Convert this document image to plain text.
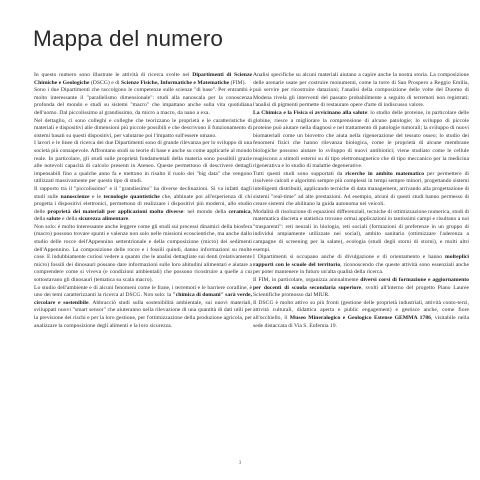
Mappa del numero

In questo numero sono illustrate le attività di ricerca svolte nei Dipartimenti di Scienze Chimiche e Geologiche (DSCG) e di Scienze Fisiche, Informatiche e Matematiche (FIM).

Sono i due Dipartimenti che raccolgono le competenze sulle scienze "di base". Per entrambi è molto interessante il "parallelismo dimensionale": studi alla nanoscala per la conoscenza profonda del mondo e studi su sistemi "macro" che impattano anche sulla vita quotidiana dell'uomo. Dal piccolissimo al grandissimo, da micro a macro, da nano a exa.

Nel dettaglio, ci sono colleghi e colleghe che teorizzano le proprietà e le caratteristiche di materiali e dispositivi alle dimensioni più piccole possibili e che descrivono il funzionamento di sistemi basati su questi dispositivi, per valutarne poi l'impatto sull'essere umano.

I lavori e le linee di ricerca dei due Dipartimenti sono di grande rilevanza per lo sviluppo di una società più consapevole. Affrontano studi su teorie di base e anche su come applicarle al mondo reale. In particolare, gli studi sulle proprietà fondamentali della materia sono possibili grazie alle notevoli capacità di calcolo presenti in Ateneo. Queste permettono di descrivere dettagli impensabili fino a qualche anno fa e mettono in risalto il ruolo dei "big data" che vengono utilizzati massivamente per questo tipo di studi.

Il rapporto tra il "piccolissimo" e il "grandissimo" ha diverse declinazioni. Si va infatti dagli studi sulle nanoscienze e le tecnologie quantistiche che, abbinate poi all'esperienza di chi progetta i dispositivi elettronici, permettono di realizzare i dispositivi più moderni, allo studio delle proprietà dei materiali per applicazioni molto diverse: nel mondo della ceramica, della salute e della sicurezza alimentare.

Non solo: è molto interessante anche leggere come gli studi sui processi dinamici della biosfera (macro) possono trovare spunti e valenze non solo nelle missioni ecoscientiche, ma anche dallo studio delle rocce dell'Appennino settentrionale e della composizione (micro) dei sedimenti dell'Appennino. La composizione delle rocce e i fossili quindi, danno informazioni su molte cose. E indubbiamente curiosi vedere a quanto che le analisi dettagliate sui denti (relativamente micro) fossili dei dinosauri possano dare informazioni sulle loro abitudini alimentari e aiutare a comprendere come si viveva (e condizioni ambientali) che possono ricostruire a quelle a cui sottostavano gli dinosauri (tematica su scala macro).

Lo studio dell'ambiente e di alcuni fenomeni come le frane, i terremoti e le barriere coralline, è uno dei temi caratterizzanti la ricerca al DSCG. Non solo: la "chimica di domani" sarà verde, circolare e sostenibile. Abbracciò studi sulla sostenibilità ambientale, sui nuovi materiali, sviluppati nuovi "smart sensor" che aiuteranno nella rilevazione di una quantità di dati utili per la previsione dei rischi e per la loro gestione, per l'ottimizzazione della produzione agricola, per analizzare la composizione degli alimenti e la loro sicurezza.

Analisi specifiche su alcuni materiali aiutano a capire anche la nostra storia. La composizione delle arenarie usate per costruire monumenti, come la torre di San Prospero a Reggio Emilia, può servire per ricostruire datazioni; l'analisi della composizione delle volte del Duomo di Modena rivela gli interventi del passato probabilmente a seguito di terremoti non registrati; l'analisi di pigmenti permette di restaurare opere d'arte di indiscusso valore.

La Chimica e la Fisica si avvicinano alla salute: lo studio delle proteine, in particolare delle globine, riesce a migliorare la comprensione di alcune patologie; lo sviluppo di piccole proteine può aiutare nella diagnosi e nel trattamento di patologie tumorali; la sviluppo di nuovi biomateriali come un biovetro che aiuta nella rigenerazione del tessuto osseo; lo studio dei fenomeni fisici che hanno rilevanza biologica, come le proprietà di alcune membrane biologiche possono aiutare lo sviluppo di nuovi antibiotici; viene studiato come le cellule reagiscono a stimoli esterni su di tipo elettromagnetico che di tipo meccanico per la medicina rigenerativa e lo studio di malattie degenerative.

Tutti questi studi sono supportati da ricerche in ambito matematico per permettere di risolvere calcoli e algoritmi sempre più complessi in tempi sempre minori, progettando sistemi intelligenti distribuiti, applicando tecniche di data management, arrivando alla progettazione di sistemi "real-time" ad alte prestazioni. Ad esempio, alcuni di questi studi hanno permesso di creare sistemi che abilitano la guida autonoma nei veicoli.

Modalità di risoluzione di equazioni differenziali, tecniche di ottimizzazione numerica, studi di matematica discreta e statistica trovano ormai applicazioni in tantissimi campi e risultano a noi "trasparenti": reti neurali in biologia, reti sociali (formazioni di preferenze in un gruppo di individui ampiamente utilizzate nei social), ambito sanitario (ottimizzare l'aderenza a campagne di screening per la salute), ecologia (studi degli storni di storni), e molti altri esempi.

I Dipartimenti si occupano anche di divulgazione e di orientamento e hanno molteplici rapporti con le scuole del territorio, riconoscendo che queste attività sono essenziali anche per poter mantenere in futuro un'alta qualità della ricerca.

Il FIM, in particolare, organizza annualmente diversi corsi di formazione e aggiornamento per docenti di scuola secondaria superiore, svolti all'interno del progetto Piano Lauree Scientifiche promosso dal MIUR.

Il DSCG è molto attivo su più fronti (gestione delle proprietà industriali, attività conto-terzi, attività culturali, didattica aperta e public engagement) e gestisce anche, come fiore all'occhiello, il Museo Mineralogico e Geologico Estense GEMMA 1786, visitabile nella sede distaccata di Via S. Eufemia 19.

3
